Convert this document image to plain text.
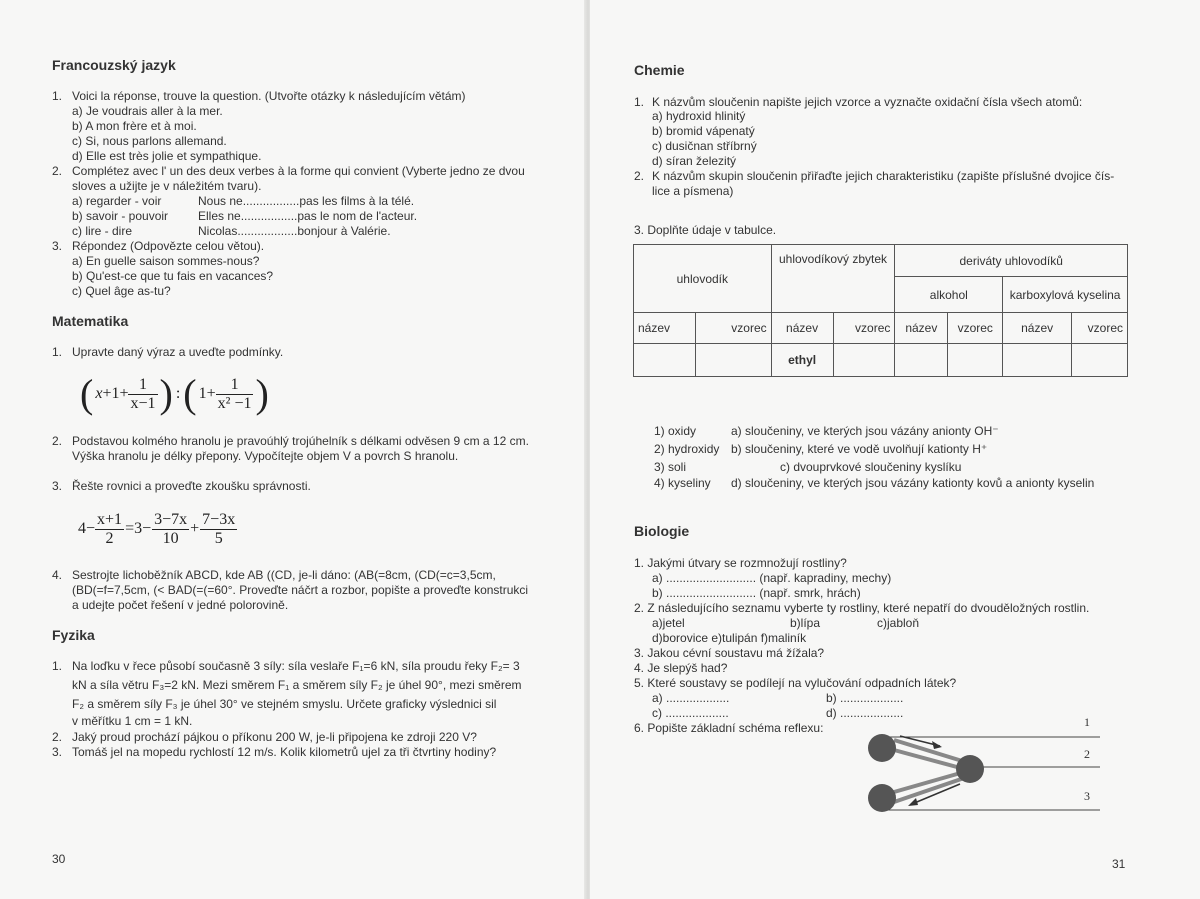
Francouzský jazyk
1. Voici la réponse, trouve la question. (Utvořte otázky k následujícím větám)
a) Je voudrais aller à la mer.
b) A mon frère et à moi.
c) Si, nous parlons allemand.
d) Elle est très jolie et sympathique.
2. Complétez avec l' un des deux verbes à la forme qui convient (Vyberte jedno ze dvou
sloves a užijte je v náležitém tvaru).
a) regarder - voir	Nous ne.................pas les films à la télé.
b) savoir - pouvoir Elles ne.................pas le nom de l'acteur.
c) lire - dire	Nicolas..................bonjour à Valérie.
3. Répondez (Odpovězte celou větou).
a) En guelle saison sommes-nous?
b) Qu'est-ce que tu fais en vacances?
c) Quel âge as-tu?
Matematika
1. Upravte daný výraz a uveďte podmínky.
( $x +1+ \frac{1}{x-1}$ ) : ( $1+ \frac{1}{\text{x² −1}}$ )
2. Podstavou kolmého hranolu je pravoúhlý trojúhelník s délkami odvěsen 9 cm a 12 cm.
Výška hranolu je délky přepony. Vypočítejte objem V a povrch S hranolu.
3. Řešte rovnici a proveďte zkoušku správnosti.
$4- \frac{x+1}{2} =3- \frac{3-7x}{10} + \frac{7-3x}{5}$
4. Sestrojte lichoběžník ABCD, kde AB ((CD, je-li dáno: (AB(=8cm, (CD(=c=3,5cm,
(BD(=f=7,5cm, (< BAD(=(=60°. Proveďte náčrt a rozbor, popište a proveďte konstrukci
a udejte počet řešení v jedné polorovině.
Fyzika
1. Na loďku v řece působí současně 3 síly: síla veslaře F₁=6 kN, síla proudu řeky F₂= 3
kN a síla větru F₃=2 kN. Mezi směrem F₁ a směrem síly F₂ je úhel 90°, mezi směrem
F₂ a směrem síly F₃ je úhel 30° ve stejném smyslu. Určete graficky výslednici sil
v měřítku 1 cm = 1 kN.
2. Jaký proud prochází pájkou o příkonu 200 W, je-li připojena ke zdroji 220 V?
3. Tomáš jel na mopedu rychlostí 12 m/s. Kolik kilometrů ujel za tři čtvrtiny hodiny?
30
Chemie
1. K názvům sloučenin napište jejich vzorce a vyznačte oxidační čísla všech atomů:
a) hydroxid hlinitý
b) bromid vápenatý
c) dusičnan stříbrný
d) síran železitý
2. K názvům skupin sloučenin přiřaďte jejich charakteristiku (zapište příslušné dvojice čís-
lice a písmena)
3. Doplňte údaje v tabulce.
uhlovodík		uhlovodíkový zbytek		deriváty uhlovodíků			
				alkohol		karboxylová kyselina	
název	vzorec	název	vzorec	název	vzorec	název	vzorec
		ethyl					
1) oxidy	a) sloučeniny, ve kterých jsou vázány anionty OH⁻
2) hydroxidy b) sloučeniny, které ve vodě uvolňují kationty H⁺
3) soli	c) dvouprvkové sloučeniny kyslíku
4) kyseliny d) sloučeniny, ve kterých jsou vázány kationty kovů a anionty kyselin
Biologie
1. Jakými útvary se rozmnožují rostliny?
a) ........................... (např. kapradiny, mechy)
b) ........................... (např. smrk, hrách)
2. Z následujícího seznamu vyberte ty rostliny, které nepatří do dvouděložných rostlin.
a)jetel	b)lípa	c)jabloň
d)borovice e)tulipán f)maliník
3. Jakou cévní soustavu má žížala?
4. Je slepýš had?
5. Které soustavy se podílejí na vylučování odpadních látek?
a) ...................	b) ...................
c) ...................	d) ...................
6. Popište základní schéma reflexu:	1
2
3
31
